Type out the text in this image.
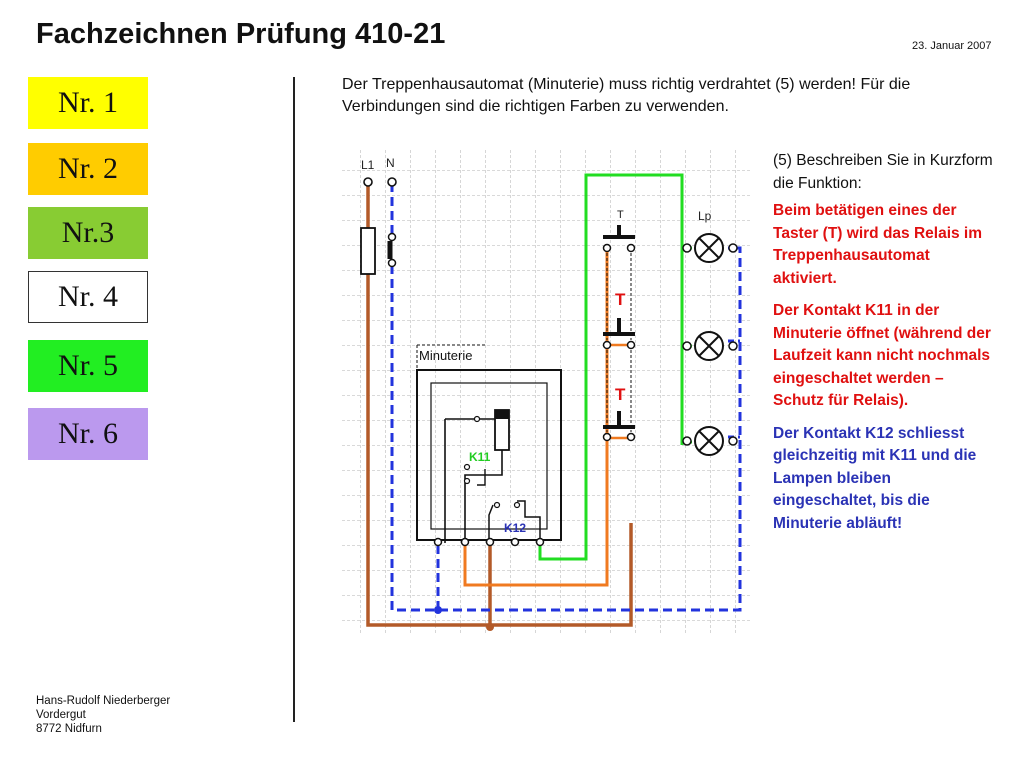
Fachzeichnen Prüfung 410-21	23. Januar 2007
Nr. 1
Nr. 2
Nr.3
Nr. 4
Nr. 5
Nr. 6
Der Treppenhausautomat (Minuterie) muss richtig verdrahtet (5) werden! Für die Verbindungen sind die richtigen Farben zu verwenden.
L1 N
T	Lp
T
T
Minuterie
K11
K12

(5) Beschreiben Sie in Kurzform die Funktion:

Beim betätigen eines der Taster (T) wird das Relais im Treppenhausautomat aktiviert.

Der Kontakt K11 in der Minuterie öffnet (während der Laufzeit kann nicht nochmals eingeschaltet werden – Schutz für Relais).

Der Kontakt K12 schliesst gleichzeitig mit K11 und die Lampen bleiben eingeschaltet, bis die Minuterie abläuft!

Hans-Rudolf Niederberger
Vordergut
8772 Nidfurn
